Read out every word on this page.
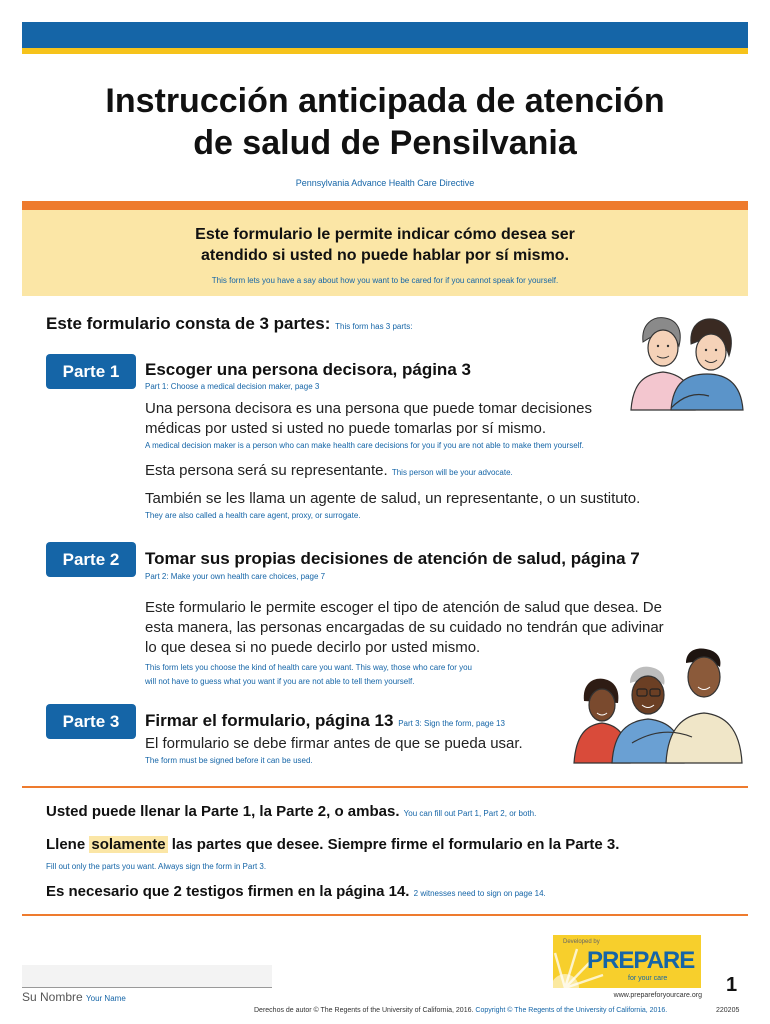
Instrucción anticipada de atención
de salud de Pensilvania
Pennsylvania Advance Health Care Directive
Este formulario le permite indicar cómo desea ser
atendido si usted no puede hablar por sí mismo.
This form lets you have a say about how you want to be cared for if you cannot speak for yourself.
Este formulario consta de 3 partes: This form has 3 parts:
Parte 1	Escoger una persona decisora, página 3
Part 1: Choose a medical decision maker, page 3
Una persona decisora es una persona que puede tomar decisiones
médicas por usted si usted no puede tomarlas por sí mismo.
A medical decision maker is a person who can make health care decisions for you if you are not able to make them yourself.
Esta persona será su representante. This person will be your advocate.
También se les llama un agente de salud, un representante, o un sustituto.
They are also called a health care agent, proxy, or surrogate.
Parte 2	Tomar sus propias decisiones de atención de salud, página 7
Part 2: Make your own health care choices, page 7
Este formulario le permite escoger el tipo de atención de salud que desea. De
esta manera, las personas encargadas de su cuidado no tendrán que adivinar
lo que desea si no puede decirlo por usted mismo.
This form lets you choose the kind of health care you want. This way, those who care for you
will not have to guess what you want if you are not able to tell them yourself.
Parte 3	Firmar el formulario, página 13 Part 3: Sign the form, page 13
El formulario se debe firmar antes de que se pueda usar.
The form must be signed before it can be used.
Usted puede llenar la Parte 1, la Parte 2, o ambas. You can fill out Part 1, Part 2, or both.
Llene solamente las partes que desee. Siempre firme el formulario en la Parte 3.
Fill out only the parts you want. Always sign the form in Part 3.
Es necesario que 2 testigos firmen en la página 14. 2 witnesses need to sign on page 14.
Su Nombre Your Name
Developed by
PREPARE
for your care
www.prepareforyourcare.org 1
Derechos de autor © The Regents of the University of California, 2016. Copyright © The Regents of the University of California, 2016.	220205
